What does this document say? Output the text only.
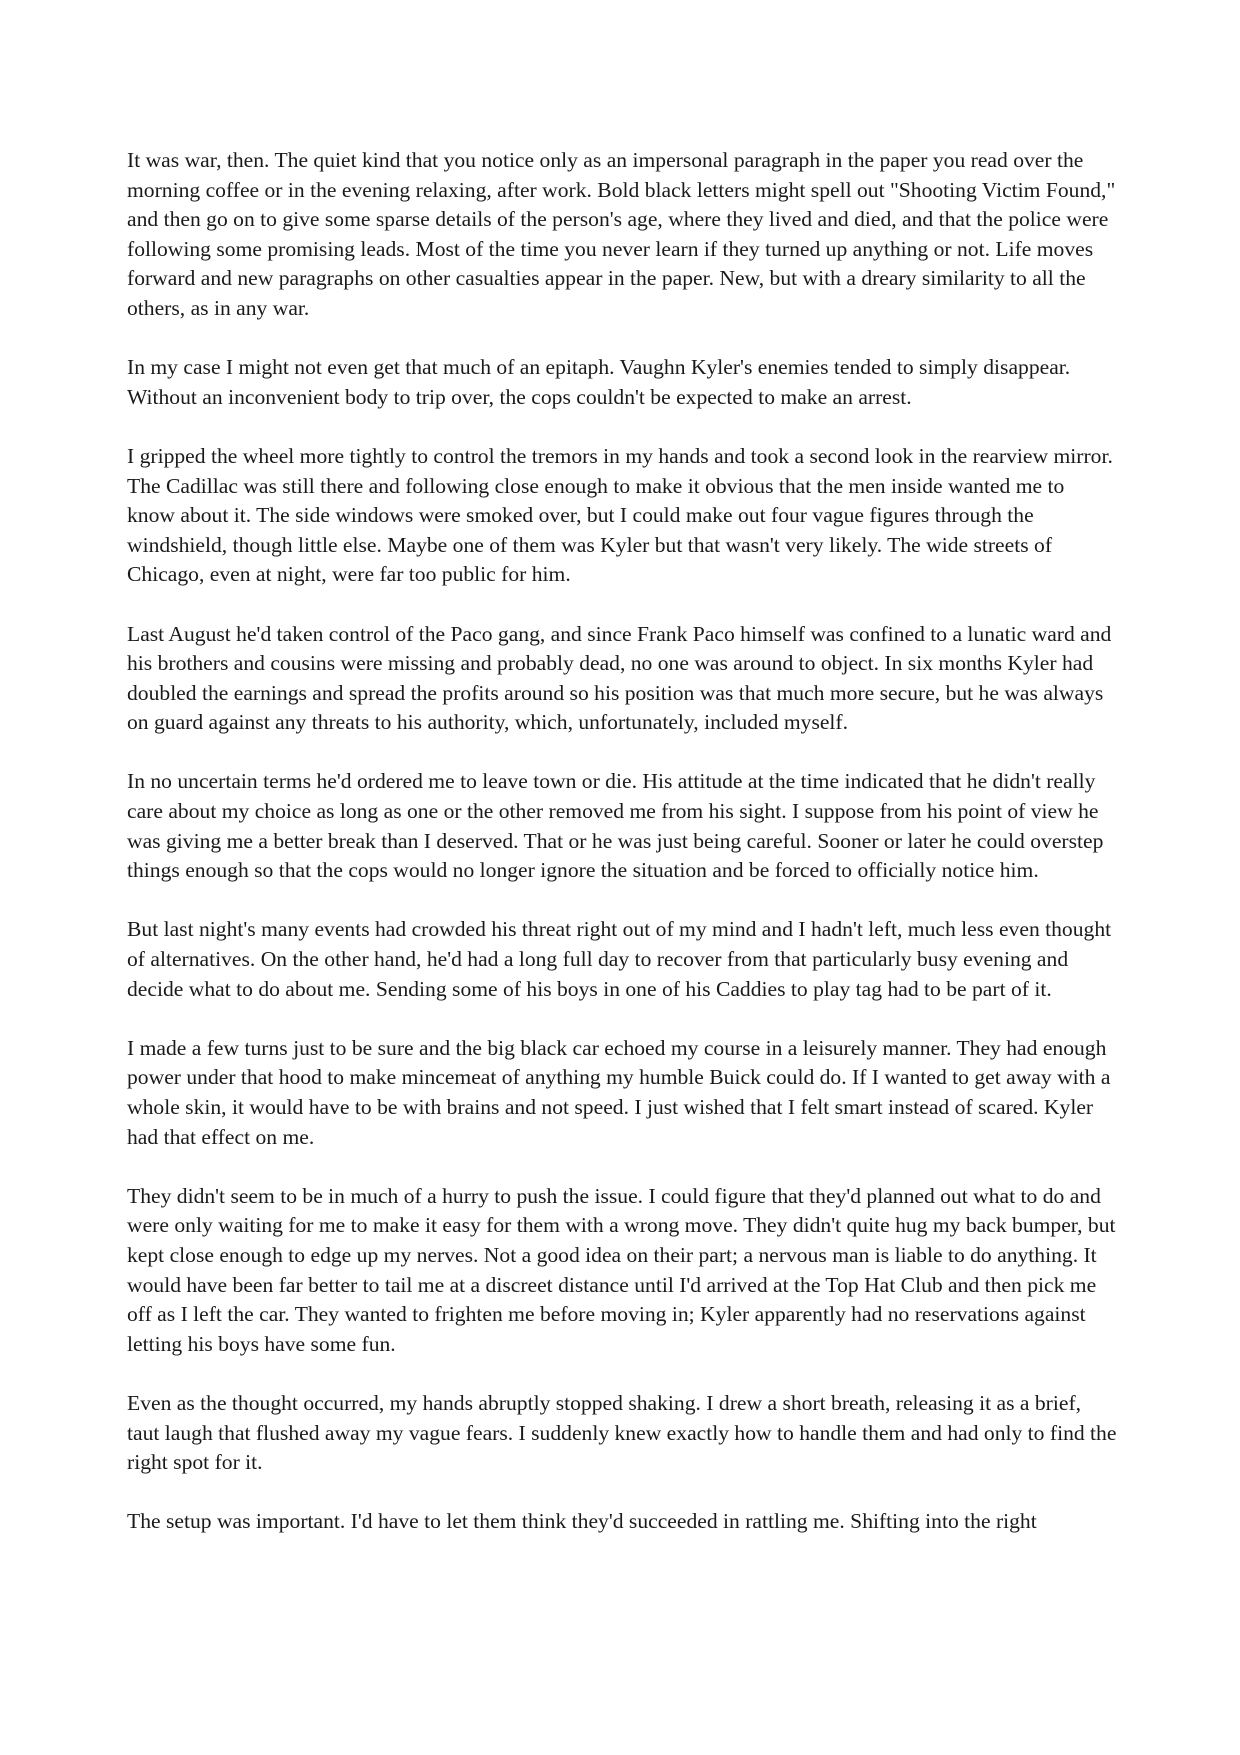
It was war, then. The quiet kind that you notice only as an impersonal paragraph in the paper you read over the morning coffee or in the evening relaxing, after work. Bold black letters might spell out "Shooting Victim Found," and then go on to give some sparse details of the person's age, where they lived and died, and that the police were following some promising leads. Most of the time you never learn if they turned up anything or not. Life moves forward and new paragraphs on other casualties appear in the paper. New, but with a dreary similarity to all the others, as in any war.

In my case I might not even get that much of an epitaph. Vaughn Kyler's enemies tended to simply disappear. Without an inconvenient body to trip over, the cops couldn't be expected to make an arrest.

I gripped the wheel more tightly to control the tremors in my hands and took a second look in the rearview mirror. The Cadillac was still there and following close enough to make it obvious that the men inside wanted me to know about it. The side windows were smoked over, but I could make out four vague figures through the windshield, though little else. Maybe one of them was Kyler but that wasn't very likely. The wide streets of Chicago, even at night, were far too public for him.

Last August he'd taken control of the Paco gang, and since Frank Paco himself was confined to a lunatic ward and his brothers and cousins were missing and probably dead, no one was around to object. In six months Kyler had doubled the earnings and spread the profits around so his position was that much more secure, but he was always on guard against any threats to his authority, which, unfortunately, included myself.

In no uncertain terms he'd ordered me to leave town or die. His attitude at the time indicated that he didn't really care about my choice as long as one or the other removed me from his sight. I suppose from his point of view he was giving me a better break than I deserved. That or he was just being careful. Sooner or later he could overstep things enough so that the cops would no longer ignore the situation and be forced to officially notice him.

But last night's many events had crowded his threat right out of my mind and I hadn't left, much less even thought of alternatives. On the other hand, he'd had a long full day to recover from that particularly busy evening and decide what to do about me. Sending some of his boys in one of his Caddies to play tag had to be part of it.

I made a few turns just to be sure and the big black car echoed my course in a leisurely manner. They had enough power under that hood to make mincemeat of anything my humble Buick could do. If I wanted to get away with a whole skin, it would have to be with brains and not speed. I just wished that I felt smart instead of scared. Kyler had that effect on me.

They didn't seem to be in much of a hurry to push the issue. I could figure that they'd planned out what to do and were only waiting for me to make it easy for them with a wrong move. They didn't quite hug my back bumper, but kept close enough to edge up my nerves. Not a good idea on their part; a nervous man is liable to do anything. It would have been far better to tail me at a discreet distance until I'd arrived at the Top Hat Club and then pick me off as I left the car. They wanted to frighten me before moving in; Kyler apparently had no reservations against letting his boys have some fun.

Even as the thought occurred, my hands abruptly stopped shaking. I drew a short breath, releasing it as a brief, taut laugh that flushed away my vague fears. I suddenly knew exactly how to handle them and had only to find the right spot for it.

The setup was important. I'd have to let them think they'd succeeded in rattling me. Shifting into the right
